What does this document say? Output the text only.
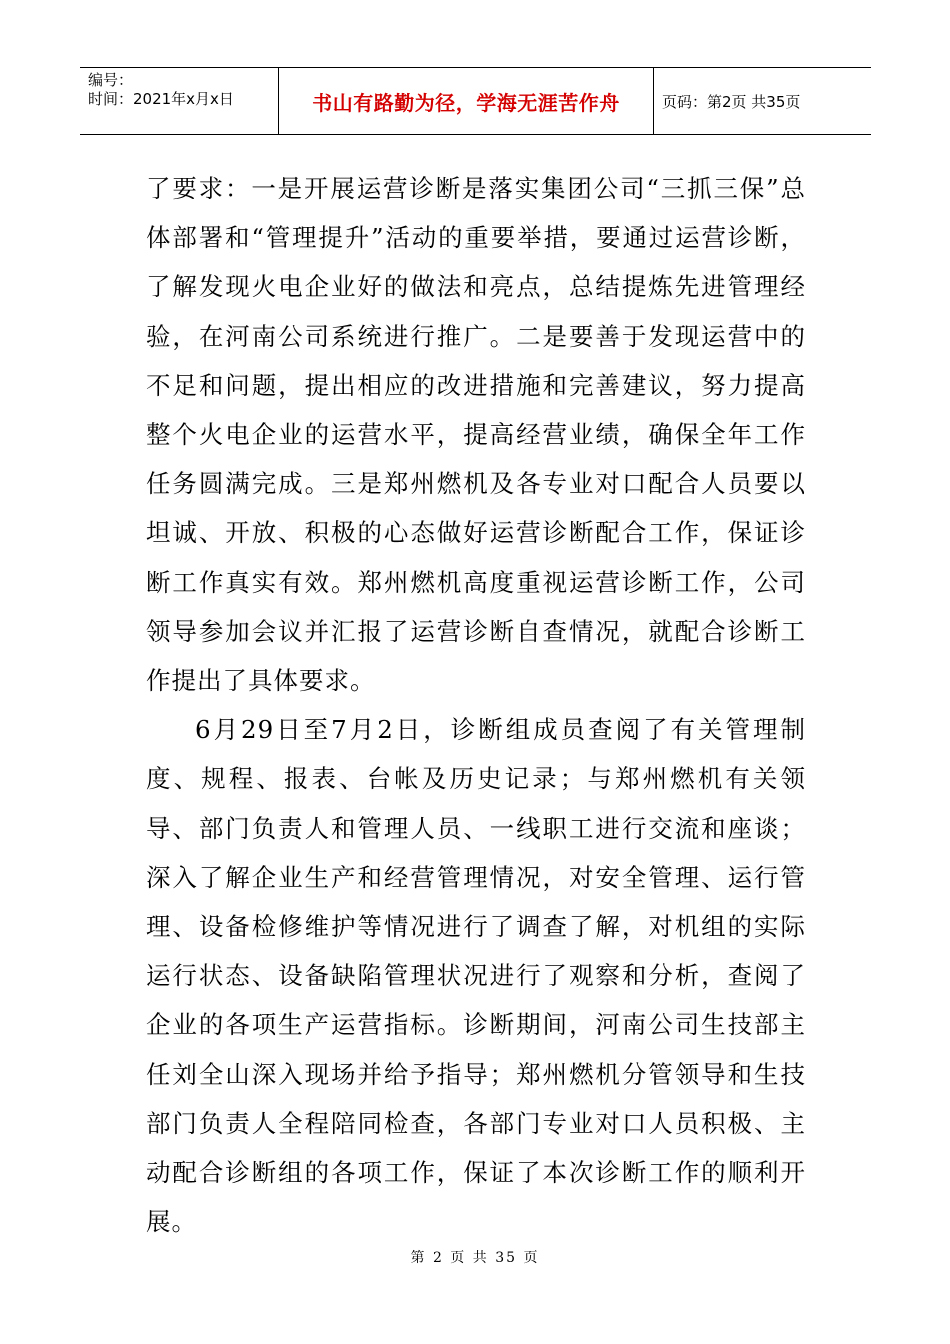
编号：
时间：2021年x月x日	书山有路勤为径，学海无涯苦作舟	页码：第2页 共35页

了要求：一是开展运营诊断是落实集团公司“三抓三保”总体部署和“管理提升”活动的重要举措，要通过运营诊断，了解发现火电企业好的做法和亮点，总结提炼先进管理经验，在河南公司系统进行推广。二是要善于发现运营中的不足和问题，提出相应的改进措施和完善建议，努力提高整个火电企业的运营水平，提高经营业绩，确保全年工作任务圆满完成。三是郑州燃机及各专业对口配合人员要以坦诚、开放、积极的心态做好运营诊断配合工作，保证诊断工作真实有效。郑州燃机高度重视运营诊断工作，公司领导参加会议并汇报了运营诊断自查情况，就配合诊断工作提出了具体要求。

6月29日至7月2日，诊断组成员查阅了有关管理制度、规程、报表、台帐及历史记录；与郑州燃机有关领导、部门负责人和管理人员、一线职工进行交流和座谈；深入了解企业生产和经营管理情况，对安全管理、运行管理、设备检修维护等情况进行了调查了解，对机组的实际运行状态、设备缺陷管理状况进行了观察和分析，查阅了企业的各项生产运营指标。诊断期间，河南公司生技部主任刘全山深入现场并给予指导；郑州燃机分管领导和生技部门负责人全程陪同检查，各部门专业对口人员积极、主动配合诊断组的各项工作，保证了本次诊断工作的顺利开展。

第 2 页 共 35 页
